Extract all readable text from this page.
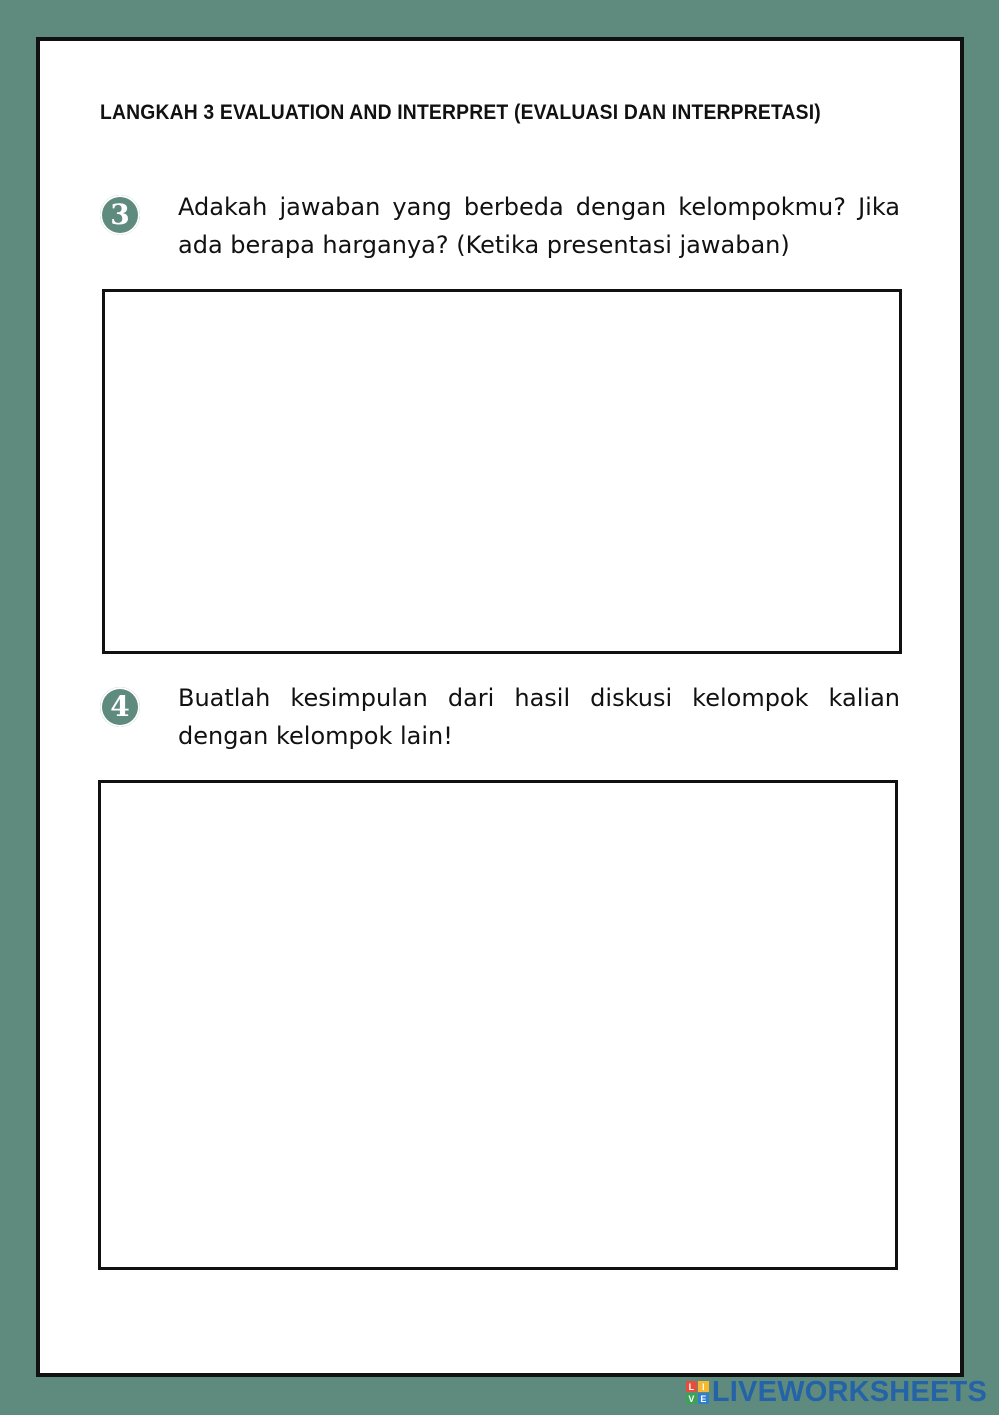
LANGKAH 3 EVALUATION AND INTERPRET (EVALUASI DAN INTERPRETASI)
3 Adakah jawaban yang berbeda dengan kelompokmu? Jika ada berapa harganya? (Ketika presentasi jawaban)

4 Buatlah kesimpulan dari hasil diskusi kelompok kalian dengan kelompok lain!

L I
V E LIVEWORKSHEETS
